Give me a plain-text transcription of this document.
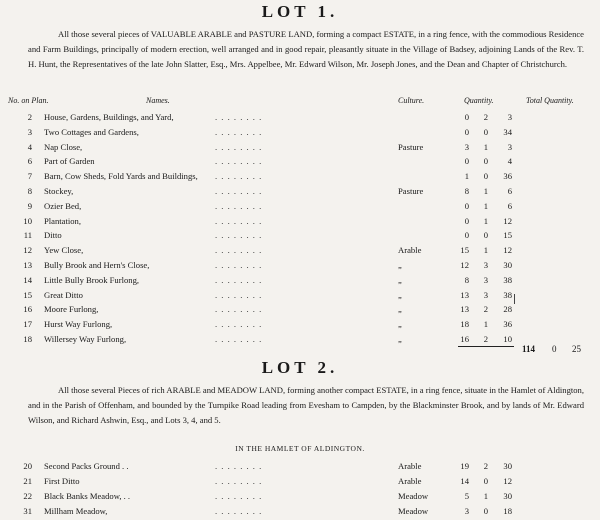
LOT 1.
All those several pieces of VALUABLE ARABLE and PASTURE LAND, forming a compact ESTATE, in a ring fence, with the commodious Residence and Farm Buildings, principally of modern erection, well arranged and in good repair, pleasantly situate in the Village of Badsey, adjoining Lands of the Rev. T. H. Hunt, the Representatives of the late John Slatter, Esq., Mrs. Appelbee, Mr. Edward Wilson, Mr. Joseph Jones, and the Dean and Chapter of Christchurch.
No. on Plan.	Names.	Culture.	Quantity.	Total Quantity.
2 House, Gardens, Buildings, and Yard,	0	2	3
. . . . . . . .
3 Two Cottages and Gardens,	0	0	34
. . . . . . . .
4 Nap Close,	Pasture	3	1	3
. . . . . . . .
6 Part of Garden	0	0	4
. . . . . . . .
7 Barn, Cow Sheds, Fold Yards and Buildings,	1	0	36
. . . . . . . .
8 Stockey,	Pasture	8	1	6
. . . . . . . .
9 Ozier Bed,	0	1	6
. . . . . . . .
10 Plantation,	0	1	12
. . . . . . . .
11 Ditto	0	0	15
. . . . . . . .
12 Yew Close,	Arable	15	1	12
. . . . . . . .
13 Bully Brook and Hern's Close,	„	12	3	30
. . . . . . . .
14 Little Bully Brook Furlong,	„	8	3	38
. . . . . . . .
15 Great Ditto	„	13	3	38
. . . . . . . .
16 Moore Furlong,	„	13	2	28
. . . . . . . .
17 Hurst Way Furlong,	„	18	1	36
. . . . . . . .
18 Willersey Way Furlong,	„	16	2	10
. . . . . . . .
114 0 25
LOT 2.
All those several Pieces of rich ARABLE and MEADOW LAND, forming another compact ESTATE, in a ring fence, situate in the Hamlet of Aldington, and in the Parish of Offenham, and bounded by the Turnpike Road leading from Evesham to Campden, by the Blackminster Brook, and by lands of Mr. Edward Wilson, and Richard Ashwin, Esq., and Lots 3, 4, and 5.
IN THE HAMLET OF ALDINGTON.
20 Second Packs Ground . .	Arable	19	2	30
. . . . . . . .
21 First Ditto	Arable	14	0	12
. . . . . . . .
22 Black Banks Meadow, . .	Meadow	5	1	30
. . . . . . . .
31 Millham Meadow,	Meadow	3	0	18
. . . . . . . .
